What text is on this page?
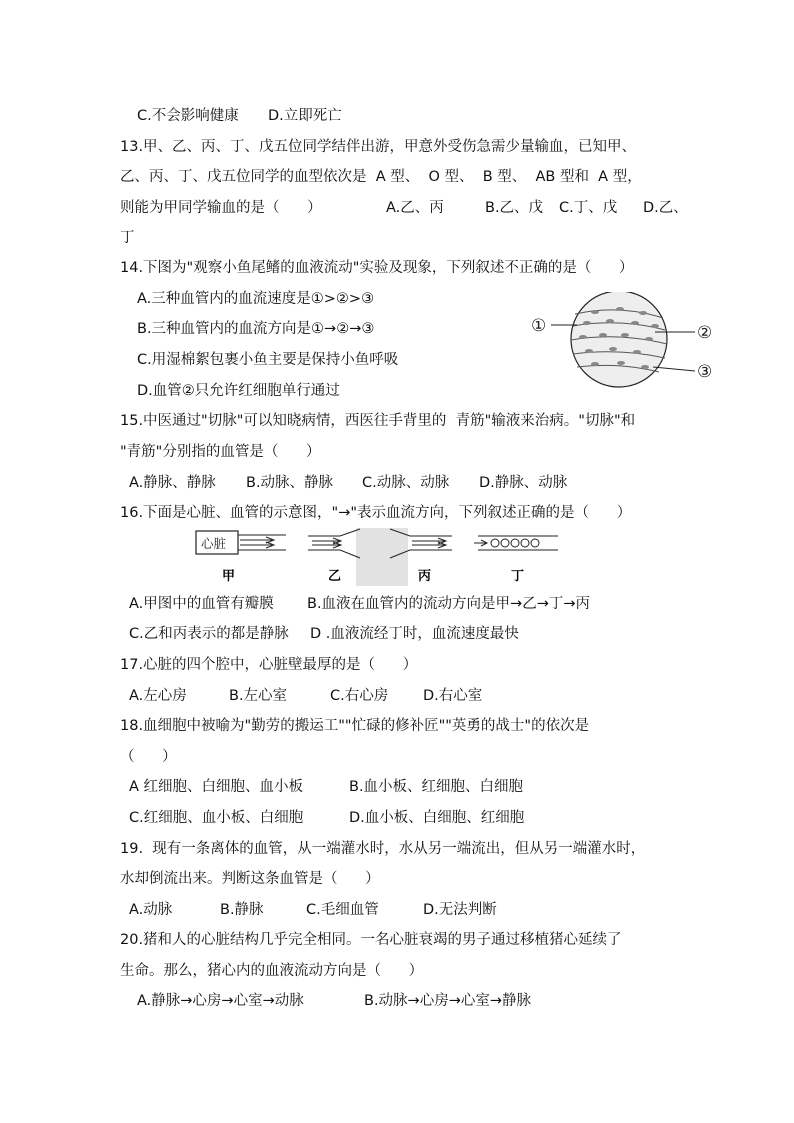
C.不会影响健康 D.立即死亡
13.甲、乙、丙、丁、戊五位同学结伴出游，甲意外受伤急需少量输血，已知甲、
乙、丙、丁、戊五位同学的血型依次是  A 型、  O 型、  B 型、  AB 型和  A 型，
则能为甲同学输血的是（      ）	A.乙、丙	B.乙、戊 C.丁、戊 D.乙、
丁
14.下图为"观察小鱼尾鳍的血液流动"实验及现象，下列叙述不正确的是（      ）
A.三种血管内的血流速度是①>②>③
B.三种血管内的血流方向是①→②→③
C.用湿棉絮包裹小鱼主要是保持小鱼呼吸
D.血管②只允许红细胞单行通过
①	②
③
15.中医通过"切脉"可以知晓病情，西医往手背里的  青筋"输液来治病。"切脉"和
"青筋"分别指的血管是（      ）
A.静脉、静脉 B.动脉、静脉 C.动脉、动脉 D.静脉、动脉
16.下面是心脏、血管的示意图，"→"表示血流方向，下列叙述正确的是（      ）
心脏
甲	乙	丙	丁
A.甲图中的血管有瓣膜 B.血液在血管内的流动方向是甲→乙→丁→丙
C.乙和丙表示的都是静脉 D .血液流经丁时，血流速度最快
17.心脏的四个腔中，心脏壁最厚的是（      ）
A.左心房	B.左心室	C.右心房 D.右心室
18.血细胞中被喻为"勤劳的搬运工""忙碌的修补匠""英勇的战士"的依次是
（      ）
A 红细胞、白细胞、血小板	B.血小板、红细胞、白细胞
C.红细胞、血小板、白细胞	D.血小板、白细胞、红细胞
19.  现有一条离体的血管，从一端灌水时，水从另一端流出，但从另一端灌水时，
水却倒流出来。判断这条血管是（      ）
A.动脉	B.静脉	C.毛细血管	D.无法判断
20.猪和人的心脏结构几乎完全相同。一名心脏衰竭的男子通过移植猪心延续了
生命。那么，猪心内的血液流动方向是（      ）
A.静脉→心房→心室→动脉	B.动脉→心房→心室→静脉
